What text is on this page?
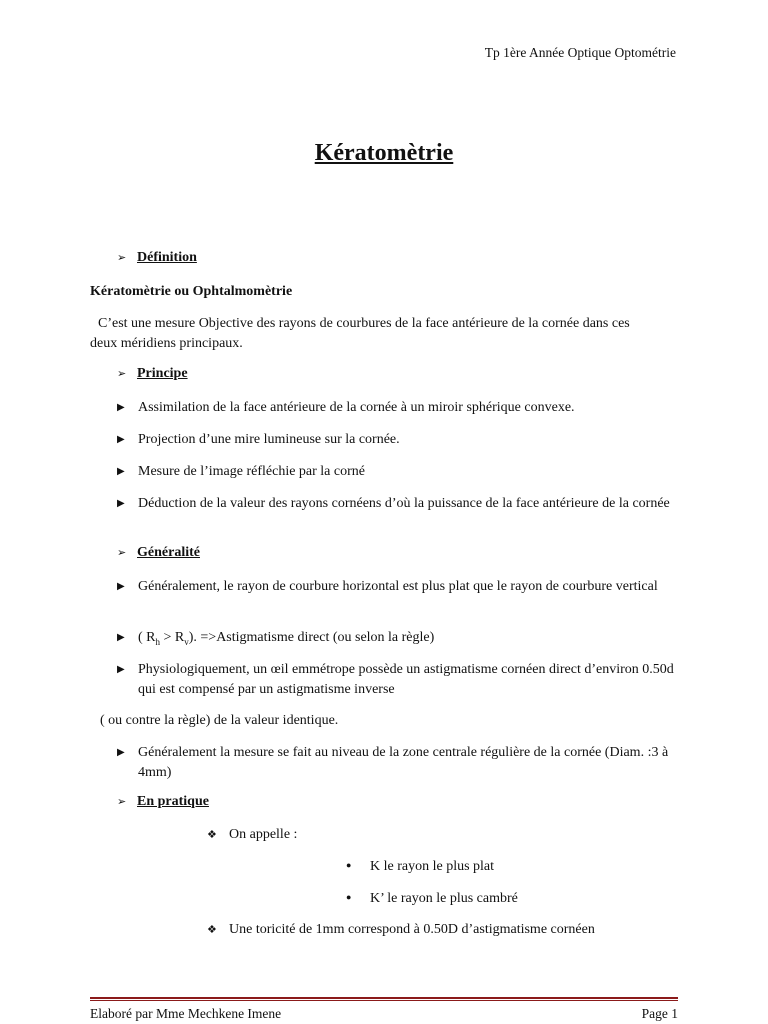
Tp 1ère Année Optique Optométrie
Kératomètrie
➢ Définition
Kératomètrie ou Ophtalmomètrie
C’est une mesure Objective des rayons de courbures de la face antérieure de la cornée dans ces
deux méridiens principaux.
➢ Principe
▶ Assimilation de la face antérieure de la cornée à un miroir sphérique convexe.
▶ Projection d’une mire lumineuse sur la cornée.
▶ Mesure de l’image réfléchie par la corné
▶ Déduction de la valeur des rayons cornéens d’où la puissance de la face antérieure de la cornée
➢ Généralité
▶ Généralement, le rayon de courbure horizontal est plus plat que le rayon de courbure vertical
▶ ( $R_h > R_v$). =>Astigmatisme direct (ou selon la règle)
▶ Physiologiquement, un œil emmétrope possède un astigmatisme cornéen direct d’environ 0.50d qui est compensé par un astigmatisme inverse
( ou contre la règle) de la valeur identique.
▶ Généralement la mesure se fait au niveau de la zone centrale régulière de la cornée (Diam. :3 à 4mm)
➢ En pratique
❖ On appelle :
● K le rayon le plus plat
● K’ le rayon le plus cambré
❖ Une toricité de 1mm correspond à 0.50D d’astigmatisme cornéen
Elaboré par Mme Mechkene Imene	Page 1
